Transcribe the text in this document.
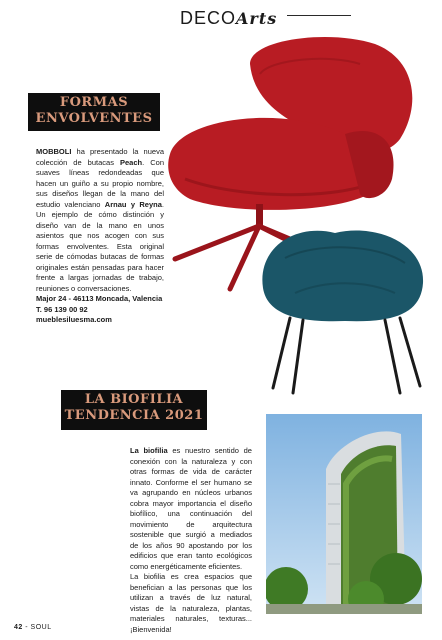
DECOArts
FORMAS
ENVOLVENTES
MOBBOLI ha presentado la nueva colección de butacas Peach. Con suaves líneas redondeadas que hacen un guiño a su propio nombre, sus diseños llegan de la mano del estudio valenciano Arnau y Reyna. Un ejemplo de cómo distinción y diseño van de la mano en unos asientos que nos acogen con sus formas envolventes. Esta original serie de cómodas butacas de formas originales están pensadas para hacer frente a largas jornadas de trabajo, reuniones o conversaciones.
Major 24 - 46113 Moncada, Valencia
T. 96 139 00 92
mueblesiluesma.com
LA BIOFILIA
TENDENCIA 2021
La biofilia es nuestro sentido de conexión con la naturaleza y con otras formas de vida de carácter innato. Conforme el ser humano se va agrupando en núcleos urbanos cobra mayor importancia el diseño biofílico, una continuación del movimiento de arquitectura sostenible que surgió a mediados de los años 90 apostando por los edificios que eran tanto ecológicos como energéticamente eficientes.
La biofilia es crea espacios que benefician a las personas que los utilizan a través de luz natural, vistas de la naturaleza, plantas, materiales naturales, texturas... ¡Bienvenida!
42 - SOUL
